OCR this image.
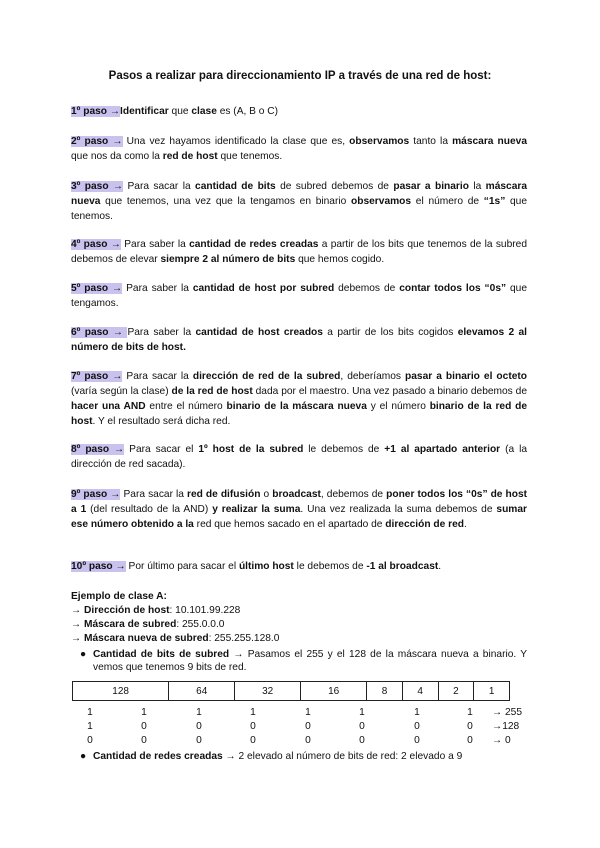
Pasos a realizar para direccionamiento IP a través de una red de host:
1º paso →Identificar que clase es (A, B o C)
2º paso → Una vez hayamos identificado la clase que es, observamos tanto la máscara nueva que nos da como la red de host que tenemos.
3º paso → Para sacar la cantidad de bits de subred debemos de pasar a binario la máscara nueva que tenemos, una vez que la tengamos en binario observamos el número de “1s” que tenemos.
4º paso → Para saber la cantidad de redes creadas a partir de los bits que tenemos de la subred debemos de elevar siempre 2 al número de bits que hemos cogido.
5º paso → Para saber la cantidad de host por subred debemos de contar todos los “0s” que tengamos.
6º paso → Para saber la cantidad de host creados a partir de los bits cogidos elevamos 2 al número de bits de host.
7º paso → Para sacar la dirección de red de la subred, deberíamos pasar a binario el octeto (varía según la clase) de la red de host dada por el maestro. Una vez pasado a binario debemos de hacer una AND entre el número binario de la máscara nueva y el número binario de la red de host. Y el resultado será dicha red.
8º paso → Para sacar el 1º host de la subred le debemos de +1 al apartado anterior (a la dirección de red sacada).
9º paso → Para sacar la red de difusión o broadcast, debemos de poner todos los “0s” de host a 1 (del resultado de la AND) y realizar la suma. Una vez realizada la suma debemos de sumar ese número obtenido a la red que hemos sacado en el apartado de dirección de red.
10º paso → Por último para sacar el último host le debemos de -1 al broadcast.
Ejemplo de clase A:
→ Dirección de host: 10.101.99.228
→ Máscara de subred: 255.0.0.0
→ Máscara nueva de subred: 255.255.128.0
● Cantidad de bits de subred → Pasamos el 255 y el 128 de la máscara nueva a binario. Y vemos que tenemos 9 bits de red.
128	64	32	16	8	4	2	1
1	1	1	1	1	1	1	1	→ 255
1	0	0	0	0	0	0	0	→128
0	0	0	0	0	0	0	0	→ 0
● Cantidad de redes creadas → 2 elevado al número de bits de red: 2 elevado a 9
